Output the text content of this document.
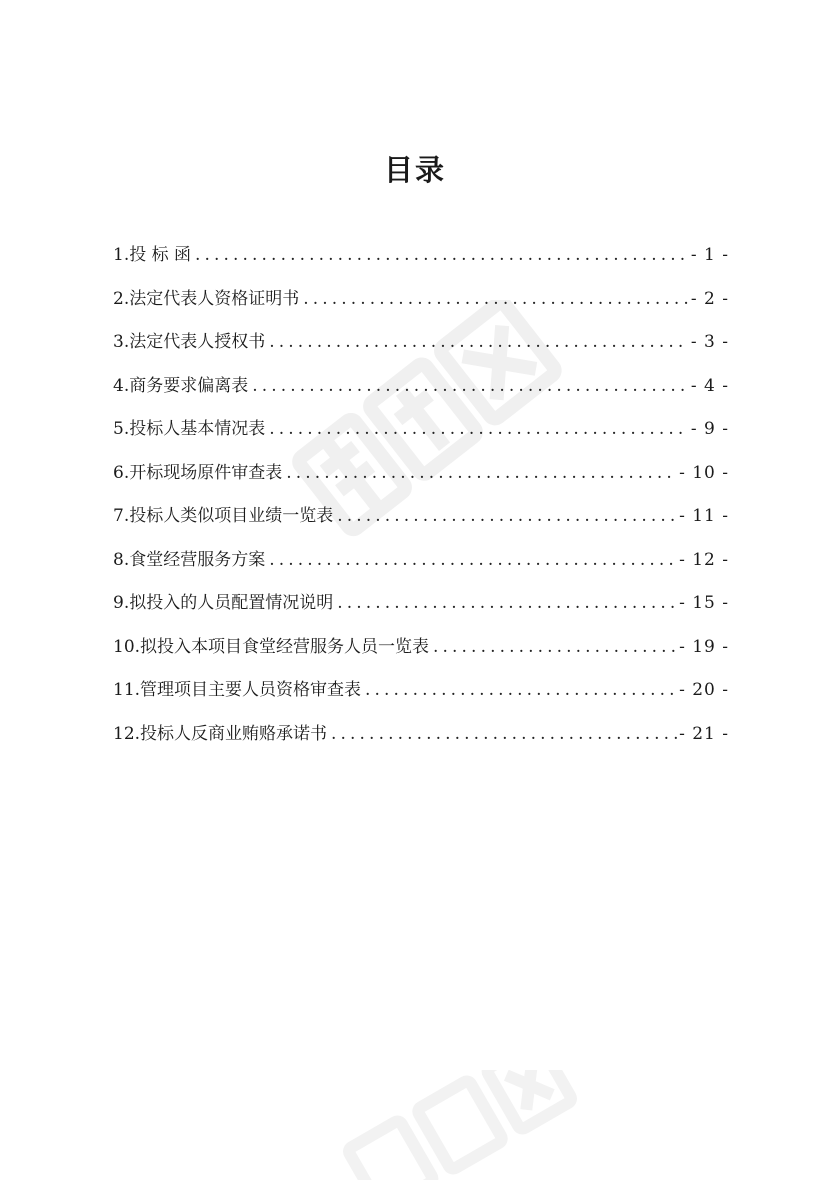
目录
1.投 标 函 .....	- 1 -
2.法定代表人资格证明书 .....	- 2 -
3.法定代表人授权书 .....	- 3 -
4.商务要求偏离表 .....	- 4 -
5.投标人基本情况表 .....	- 9 -
6.开标现场原件审查表 .....	- 10 -
7.投标人类似项目业绩一览表 .....	- 11 -
8.食堂经营服务方案 .....	- 12 -
9.拟投入的人员配置情况说明 .....	- 15 -
10.拟投入本项目食堂经营服务人员一览表 .....	- 19 -
11.管理项目主要人员资格审查表 .....	- 20 -
12.投标人反商业贿赂承诺书 .....	- 21 -
